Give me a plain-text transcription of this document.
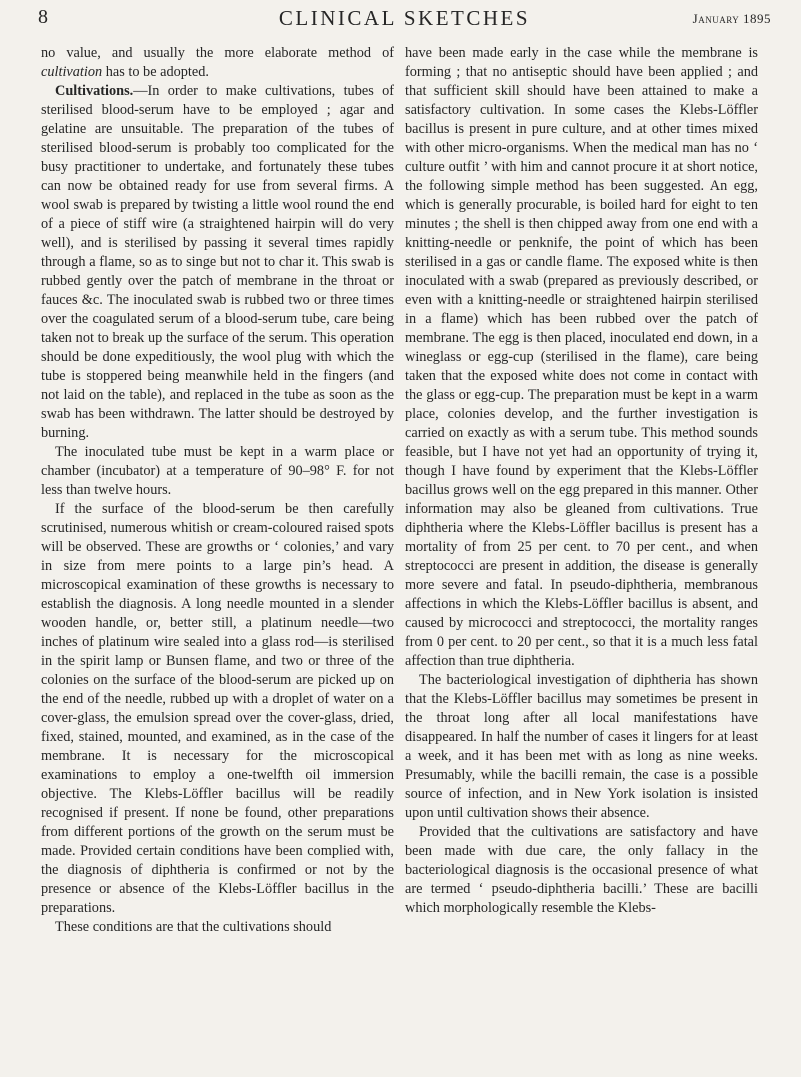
8	CLINICAL SKETCHES	January 1895

no value, and usually the more elaborate method of cultivation has to be adopted.

Cultivations.—In order to make cultivations, tubes of sterilised blood-serum have to be employed ; agar and gelatine are unsuitable. The preparation of the tubes of sterilised blood-serum is probably too complicated for the busy practitioner to undertake, and fortunately these tubes can now be obtained ready for use from several firms. A wool swab is prepared by twisting a little wool round the end of a piece of stiff wire (a straightened hairpin will do very well), and is sterilised by passing it several times rapidly through a flame, so as to singe but not to char it. This swab is rubbed gently over the patch of membrane in the throat or fauces &c. The inoculated swab is rubbed two or three times over the coagulated serum of a blood-serum tube, care being taken not to break up the surface of the serum. This operation should be done expeditiously, the wool plug with which the tube is stoppered being meanwhile held in the fingers (and not laid on the table), and replaced in the tube as soon as the swab has been withdrawn. The latter should be destroyed by burning.

The inoculated tube must be kept in a warm place or chamber (incubator) at a temperature of 90–98° F. for not less than twelve hours.

If the surface of the blood-serum be then carefully scrutinised, numerous whitish or cream-coloured raised spots will be observed. These are growths or ‘ colonies,’ and vary in size from mere points to a large pin’s head. A microscopical examination of these growths is necessary to establish the diagnosis. A long needle mounted in a slender wooden handle, or, better still, a platinum needle—two inches of platinum wire sealed into a glass rod—is sterilised in the spirit lamp or Bunsen flame, and two or three of the colonies on the surface of the blood-serum are picked up on the end of the needle, rubbed up with a droplet of water on a cover-glass, the emulsion spread over the cover-glass, dried, fixed, stained, mounted, and examined, as in the case of the membrane. It is necessary for the microscopical examinations to employ a one-twelfth oil immersion objective. The Klebs-Löffler bacillus will be readily recognised if present. If none be found, other preparations from different portions of the growth on the serum must be made. Provided certain conditions have been complied with, the diagnosis of diphtheria is confirmed or not by the presence or absence of the Klebs-Löffler bacillus in the preparations.

These conditions are that the cultivations should

have been made early in the case while the membrane is forming ; that no antiseptic should have been applied ; and that sufficient skill should have been attained to make a satisfactory cultivation. In some cases the Klebs-Löffler bacillus is present in pure culture, and at other times mixed with other micro-organisms. When the medical man has no ‘ culture outfit ’ with him and cannot procure it at short notice, the following simple method has been suggested. An egg, which is generally procurable, is boiled hard for eight to ten minutes ; the shell is then chipped away from one end with a knitting-needle or penknife, the point of which has been sterilised in a gas or candle flame. The exposed white is then inoculated with a swab (prepared as previously described, or even with a knitting-needle or straightened hairpin sterilised in a flame) which has been rubbed over the patch of membrane. The egg is then placed, inoculated end down, in a wineglass or egg-cup (sterilised in the flame), care being taken that the exposed white does not come in contact with the glass or egg-cup. The preparation must be kept in a warm place, colonies develop, and the further investigation is carried on exactly as with a serum tube. This method sounds feasible, but I have not yet had an opportunity of trying it, though I have found by experiment that the Klebs-Löffler bacillus grows well on the egg prepared in this manner. Other information may also be gleaned from cultivations. True diphtheria where the Klebs-Löffler bacillus is present has a mortality of from 25 per cent. to 70 per cent., and when streptococci are present in addition, the disease is generally more severe and fatal. In pseudo-diphtheria, membranous affections in which the Klebs-Löffler bacillus is absent, and caused by micrococci and streptococci, the mortality ranges from 0 per cent. to 20 per cent., so that it is a much less fatal affection than true diphtheria.

The bacteriological investigation of diphtheria has shown that the Klebs-Löffler bacillus may sometimes be present in the throat long after all local manifestations have disappeared. In half the number of cases it lingers for at least a week, and it has been met with as long as nine weeks. Presumably, while the bacilli remain, the case is a possible source of infection, and in New York isolation is insisted upon until cultivation shows their absence.

Provided that the cultivations are satisfactory and have been made with due care, the only fallacy in the bacteriological diagnosis is the occasional presence of what are termed ‘ pseudo-diphtheria bacilli.’ These are bacilli which morphologically resemble the Klebs-
